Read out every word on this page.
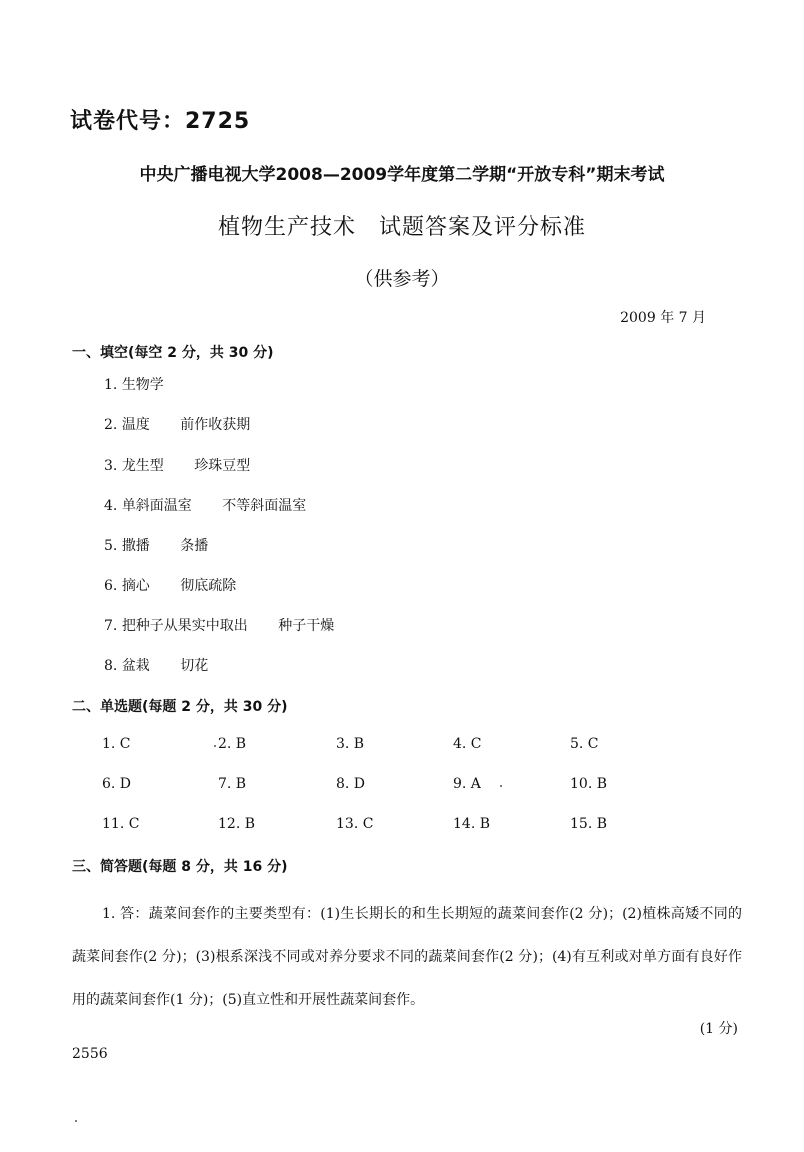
试卷代号：2725
中央广播电视大学2008—2009学年度第二学期“开放专科”期末考试
植物生产技术　试题答案及评分标准
（供参考）
2009 年 7 月
一、填空(每空 2 分，共 30 分)
1. 生物学
2. 温度 前作收获期
3. 龙生型 珍珠豆型
4. 单斜面温室 不等斜面温室
5. 撒播 条播
6. 摘心 彻底疏除
7. 把种子从果实中取出 种子干燥
8. 盆栽 切花
二、单选题(每题 2 分，共 30 分)
1. C	2. B	3. B	4. C	5. C
6. D	7. B	8. D	9. A	10. B
11. C	12. B	13. C	14. B	15. B
三、简答题(每题 8 分，共 16 分)
1. 答：蔬菜间套作的主要类型有：(1)生长期长的和生长期短的蔬菜间套作(2 分)；(2)植株高矮不同的蔬菜间套作(2 分)；(3)根系深浅不同或对养分要求不同的蔬菜间套作(2 分)；(4)有互利或对单方面有良好作用的蔬菜间套作(1 分)；(5)直立性和开展性蔬菜间套作。
(1 分)
2556
